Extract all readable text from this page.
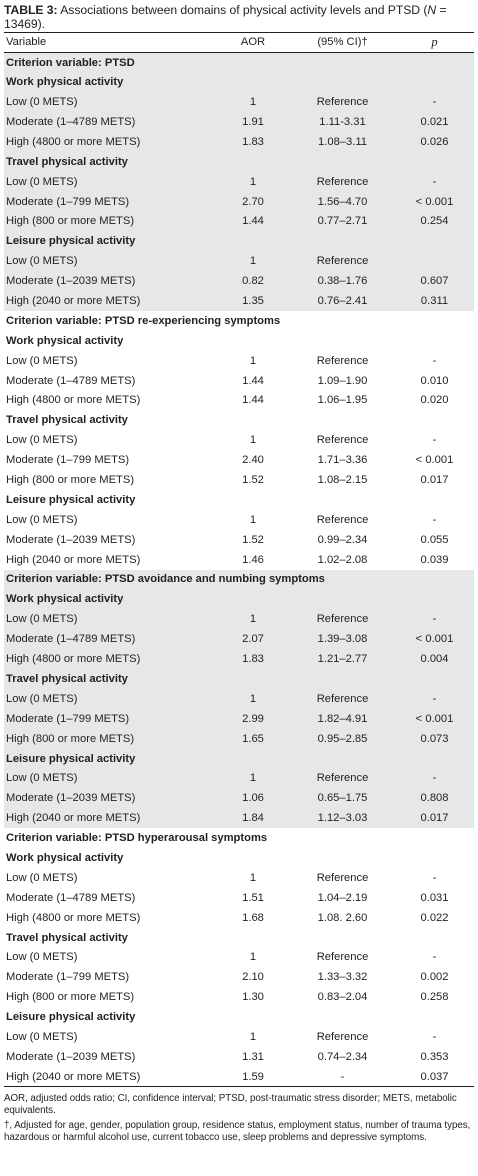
TABLE 3: Associations between domains of physical activity levels and PTSD (N = 13469).
Variable	AOR	(95% CI)†	p
Criterion variable: PTSD			
Work physical activity			
Low (0 METS)	1	Reference	-
Moderate (1–4789 METS)	1.91	1.11-3.31	0.021
High (4800 or more METS)	1.83	1.08–3.11	0.026
Travel physical activity			
Low (0 METS)	1	Reference	-
Moderate (1–799 METS)	2.70	1.56–4.70	< 0.001
High (800 or more METS)	1.44	0.77–2.71	0.254
Leisure physical activity			
Low (0 METS)	1	Reference	
Moderate (1–2039 METS)	0.82	0.38–1.76	0.607
High (2040 or more METS)	1.35	0.76–2.41	0.311
Criterion variable: PTSD re-experiencing symptoms			
Work physical activity			
Low (0 METS)	1	Reference	-
Moderate (1–4789 METS)	1.44	1.09–1.90	0.010
High (4800 or more METS)	1.44	1.06–1.95	0.020
Travel physical activity			
Low (0 METS)	1	Reference	-
Moderate (1–799 METS)	2.40	1.71–3.36	< 0.001
High (800 or more METS)	1.52	1.08–2.15	0.017
Leisure physical activity			
Low (0 METS)	1	Reference	-
Moderate (1–2039 METS)	1.52	0.99–2.34	0.055
High (2040 or more METS)	1.46	1.02–2.08	0.039
Criterion variable: PTSD avoidance and numbing symptoms			
Work physical activity			
Low (0 METS)	1	Reference	-
Moderate (1–4789 METS)	2.07	1.39–3.08	< 0.001
High (4800 or more METS)	1.83	1.21–2.77	0.004
Travel physical activity			
Low (0 METS)	1	Reference	-
Moderate (1–799 METS)	2.99	1.82–4.91	< 0.001
High (800 or more METS)	1.65	0.95–2.85	0.073
Leisure physical activity			
Low (0 METS)	1	Reference	-
Moderate (1–2039 METS)	1.06	0.65–1.75	0.808
High (2040 or more METS)	1.84	1.12–3.03	0.017
Criterion variable: PTSD hyperarousal symptoms			
Work physical activity			
Low (0 METS)	1	Reference	-
Moderate (1–4789 METS)	1.51	1.04–2.19	0.031
High (4800 or more METS)	1.68	1.08. 2.60	0.022
Travel physical activity			
Low (0 METS)	1	Reference	-
Moderate (1–799 METS)	2.10	1.33–3.32	0.002
High (800 or more METS)	1.30	0.83–2.04	0.258
Leisure physical activity			
Low (0 METS)	1	Reference	-
Moderate (1–2039 METS)	1.31	0.74–2.34	0.353
High (2040 or more METS)	1.59	-	0.037

AOR, adjusted odds ratio; CI, confidence interval; PTSD, post-traumatic stress disorder; METS, metabolic equivalents.

†, Adjusted for age, gender, population group, residence status, employment status, number of trauma types, hazardous or harmful alcohol use, current tobacco use, sleep problems and depressive symptoms.
